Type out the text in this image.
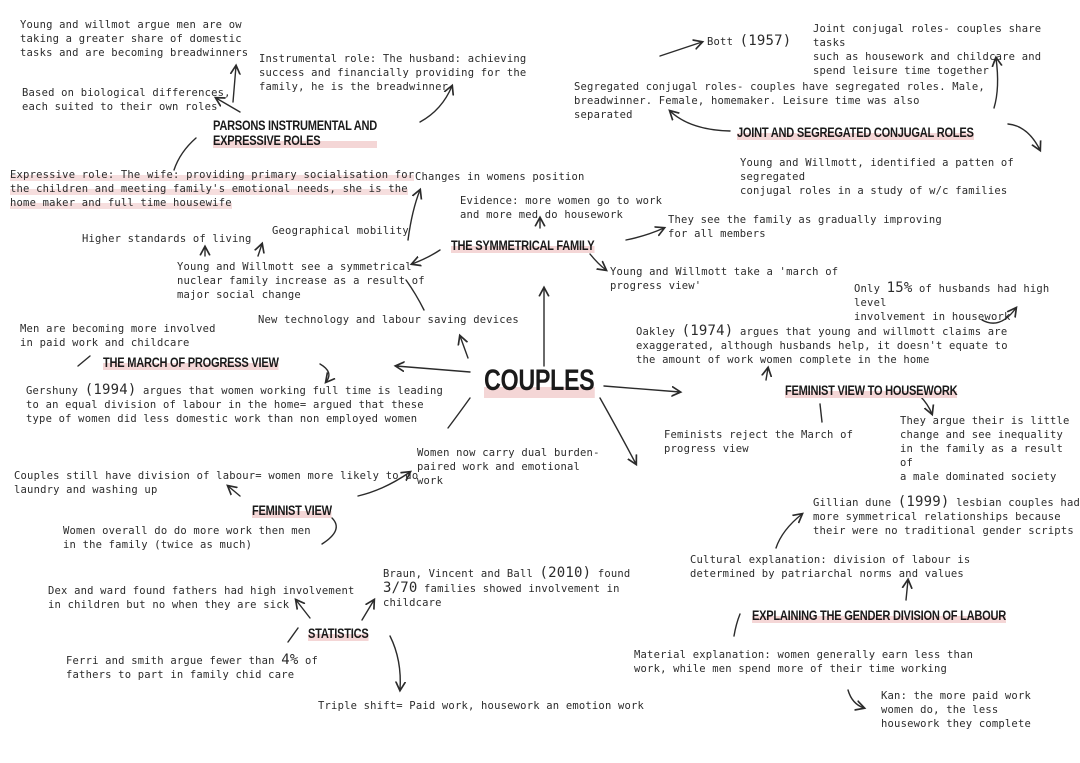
Young and willmot argue men are ow
taking a greater share of domestic
tasks and are becoming breadwinners Instrumental role: The husband: achieving
success and financially providing for the
family, he is the breadwinner
Based on biological differences,
each suited to their own roles
PARSONS INSTRUMENTAL AND
EXPRESSIVE ROLES
Expressive role: The wife: providing primary socialisation for
the children and meeting family's emotional needs, she is the
home maker and full time housewife
Bott (1957)
Joint conjugal roles- couples share tasks
such as housework and childcare and
spend leisure time together
Segregated conjugal roles- couples have segregated roles. Male,
breadwinner. Female, homemaker. Leisure time was also
separated
JOINT AND SEGREGATED CONJUGAL ROLES
Young and Willmott, identified a patten of segregated
conjugal roles in a study of w/c families
Changes in womens position
Evidence: more women go to work
and more med do housework	They see the family as gradually improving
for all members
Higher standards of living
Geographical mobility
THE SYMMETRICAL FAMILY
Young and Willmott see a symmetrical
nuclear family increase as a result of
major social change
Young and Willmott take a 'march of
progress view'	Only 15% of husbands had high level
involvement in housework
New technology and labour saving devices
Men are becoming more involved
in paid work and childcare
Oakley (1974) argues that young and willmott claims are
exaggerated, although husbands help, it doesn't equate to
the amount of work women complete in the home
THE MARCH OF PROGRESS VIEW
COUPLES	FEMINIST VIEW TO HOUSEWORK
Gershuny (1994) argues that women working full time is leading
to an equal division of labour in the home= argued that these
type of women did less domestic work than non employed women	They argue their is little
change and see inequality
in the family as a result of
a male dominated society
Feminists reject the March of
progress view
Women now carry dual burden-
paired work and emotional
work
Couples still have division of labour= women more likely to do
laundry and washing up
Gillian dune (1999) lesbian couples had
more symmetrical relationships because
their were no traditional gender scripts
FEMINIST VIEW
Women overall do do more work then men
in the family (twice as much)
Cultural explanation: division of labour is
determined by patriarchal norms and values
Braun, Vincent and Ball (2010) found
3/70 families showed involvement in
childcare
Dex and ward found fathers had high involvement
in children but no when they are sick
EXPLAINING THE GENDER DIVISION OF LABOUR
STATISTICS
Material explanation: women generally earn less than
work, while men spend more of their time working
Ferri and smith argue fewer than 4% of
fathers to part in family chid care
Kan: the more paid work
women do, the less
housework they complete
Triple shift= Paid work, housework an emotion work
